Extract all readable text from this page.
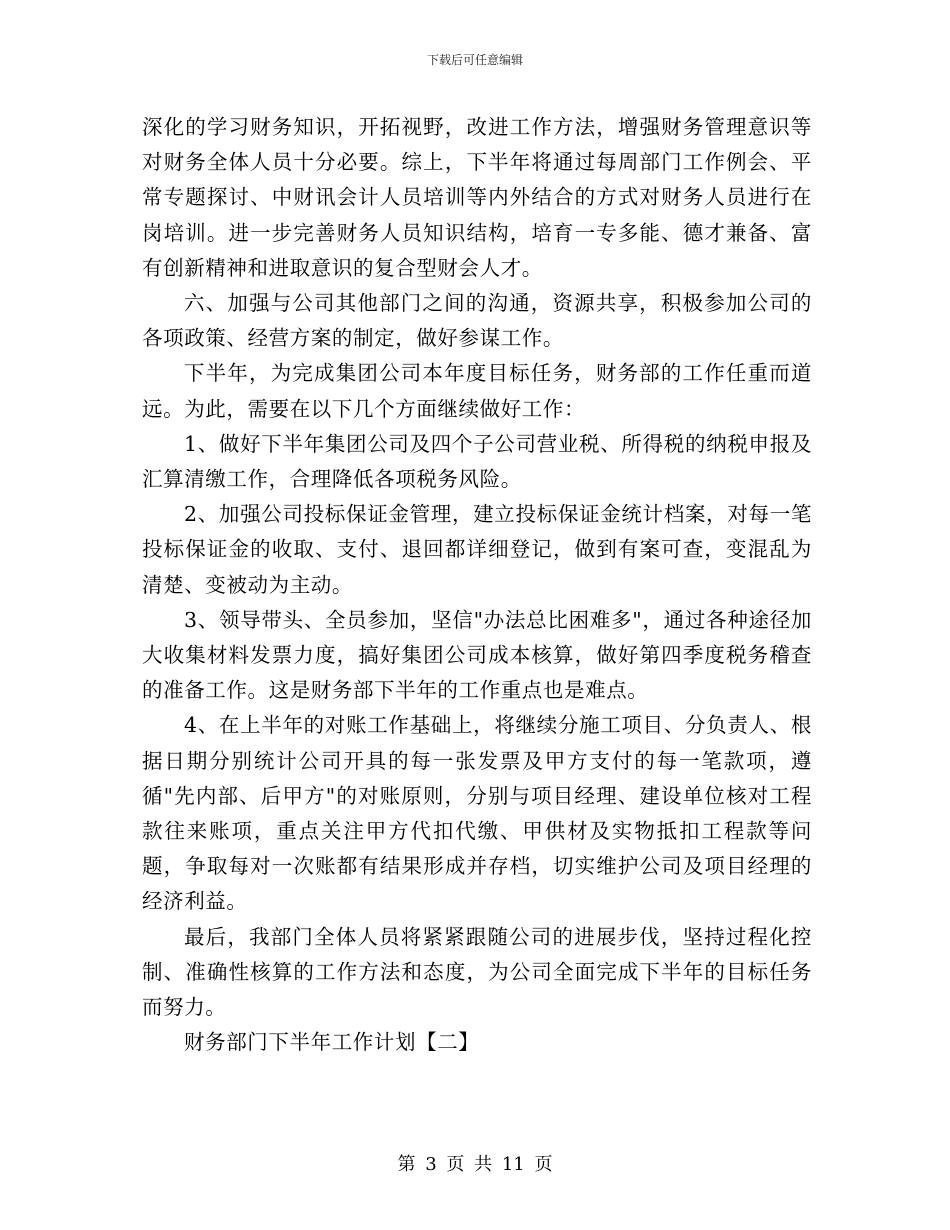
下载后可任意编辑

深化的学习财务知识，开拓视野，改进工作方法，增强财务管理意识等对财务全体人员十分必要。综上，下半年将通过每周部门工作例会、平常专题探讨、中财讯会计人员培训等内外结合的方式对财务人员进行在岗培训。进一步完善财务人员知识结构，培育一专多能、德才兼备、富有创新精神和进取意识的复合型财会人才。

六、加强与公司其他部门之间的沟通，资源共享，积极参加公司的各项政策、经营方案的制定，做好参谋工作。

下半年，为完成集团公司本年度目标任务，财务部的工作任重而道远。为此，需要在以下几个方面继续做好工作：

1、做好下半年集团公司及四个子公司营业税、所得税的纳税申报及汇算清缴工作，合理降低各项税务风险。

2、加强公司投标保证金管理，建立投标保证金统计档案，对每一笔投标保证金的收取、支付、退回都详细登记，做到有案可查，变混乱为清楚、变被动为主动。

3、领导带头、全员参加，坚信"办法总比困难多"，通过各种途径加大收集材料发票力度，搞好集团公司成本核算，做好第四季度税务稽查的准备工作。这是财务部下半年的工作重点也是难点。

4、在上半年的对账工作基础上，将继续分施工项目、分负责人、根据日期分别统计公司开具的每一张发票及甲方支付的每一笔款项，遵循"先内部、后甲方"的对账原则，分别与项目经理、建设单位核对工程款往来账项，重点关注甲方代扣代缴、甲供材及实物抵扣工程款等问题，争取每对一次账都有结果形成并存档，切实维护公司及项目经理的经济利益。

最后，我部门全体人员将紧紧跟随公司的进展步伐，坚持过程化控制、准确性核算的工作方法和态度，为公司全面完成下半年的目标任务而努力。

财务部门下半年工作计划【二】

第 3 页 共 11 页
